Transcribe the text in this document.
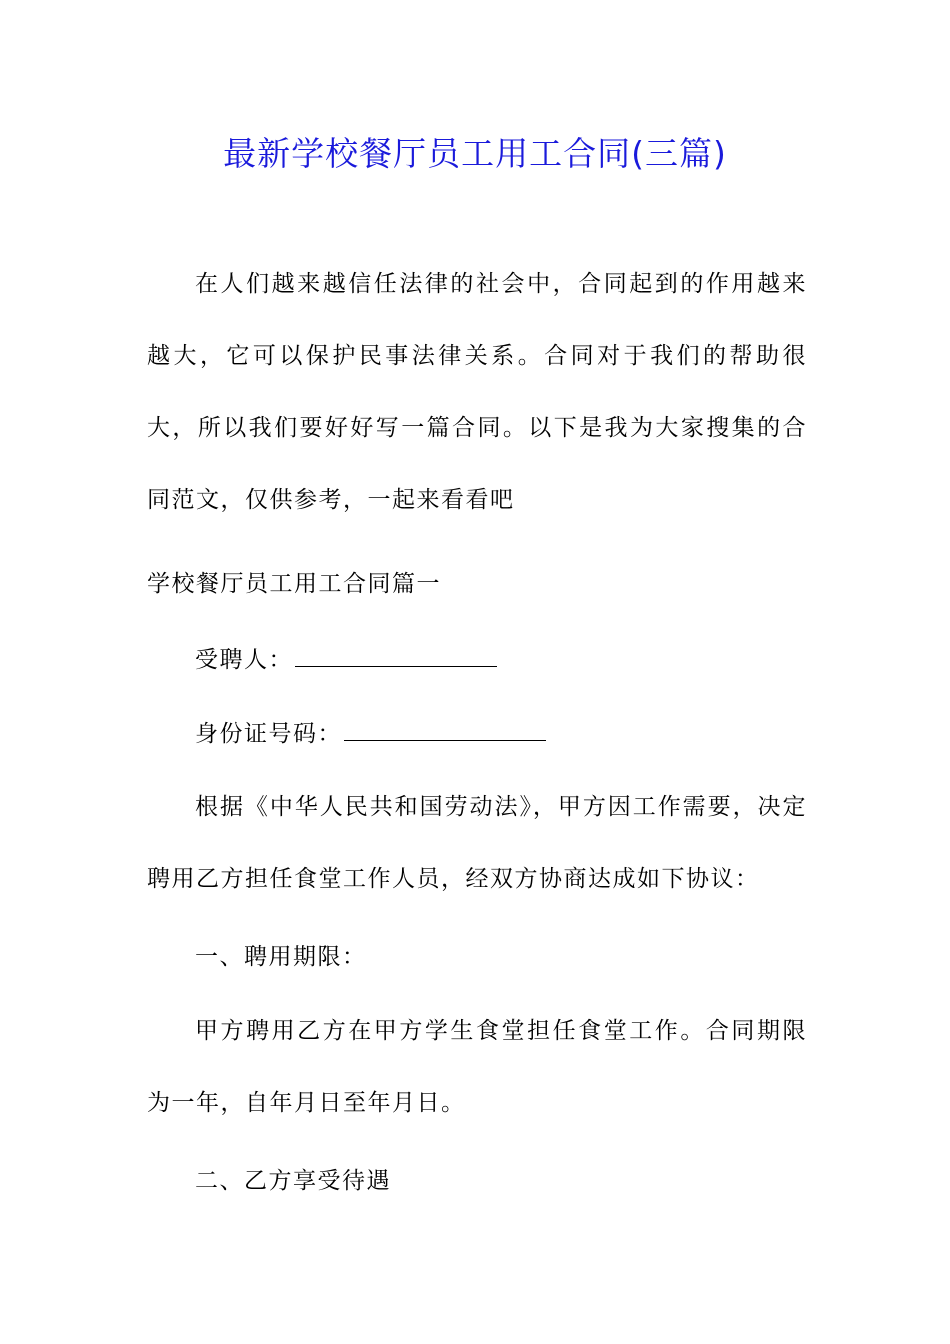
最新学校餐厅员工用工合同(三篇)

在人们越来越信任法律的社会中，合同起到的作用越来越大，它可以保护民事法律关系。合同对于我们的帮助很大，所以我们要好好写一篇合同。以下是我为大家搜集的合同范文，仅供参考，一起来看看吧

学校餐厅员工用工合同篇一

受聘人：

身份证号码：

根据《中华人民共和国劳动法》，甲方因工作需要，决定聘用乙方担任食堂工作人员，经双方协商达成如下协议：

一、聘用期限：

甲方聘用乙方在甲方学生食堂担任食堂工作。合同期限为一年，自年月日至年月日。

二、乙方享受待遇
